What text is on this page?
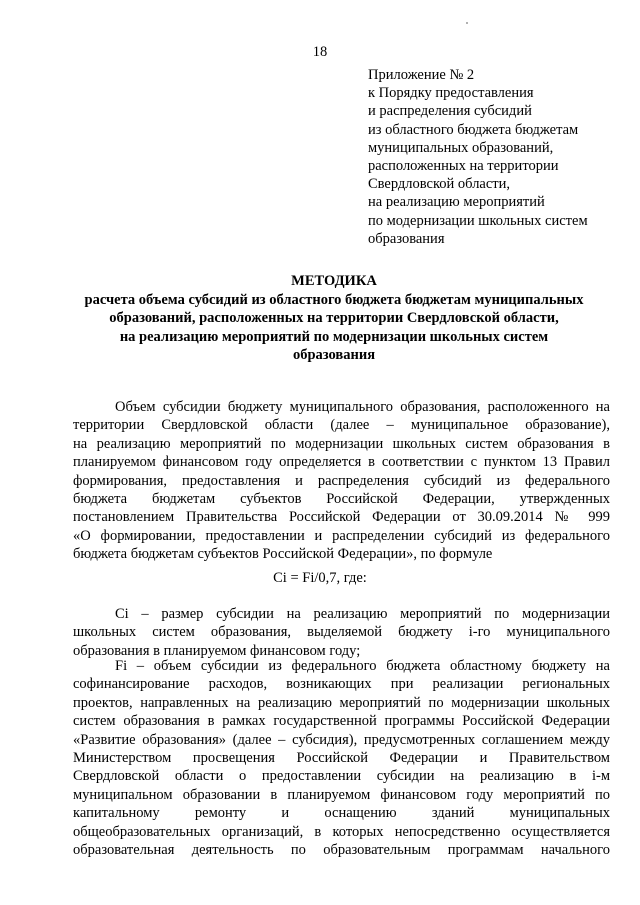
18
Приложение № 2
к Порядку предоставления
и распределения субсидий
из областного бюджета бюджетам
муниципальных образований,
расположенных на территории
Свердловской области,
на реализацию мероприятий
по модернизации школьных систем
образования
МЕТОДИКА
расчета объема субсидий из областного бюджета бюджетам муниципальных
образований, расположенных на территории Свердловской области,
на реализацию мероприятий по модернизации школьных систем
образования
Объем субсидии бюджету муниципального образования, расположенного на
территории Свердловской области (далее – муниципальное образование),
на реализацию мероприятий по модернизации школьных систем образования в
планируемом финансовом году определяется в соответствии с пунктом 13 Правил
формирования, предоставления и распределения субсидий из федерального
бюджета бюджетам субъектов Российской Федерации, утвержденных
постановлением Правительства Российской Федерации от 30.09.2014 № 999
«О формировании, предоставлении и распределении субсидий из федерального
бюджета бюджетам субъектов Российской Федерации», по формуле
Ci = Fi/0,7, где:
Ci – размер субсидии на реализацию мероприятий по модернизации
школьных систем образования, выделяемой бюджету i-го муниципального
образования в планируемом финансовом году;
Fi – объем субсидии из федерального бюджета областному бюджету на
софинансирование расходов, возникающих при реализации региональных
проектов, направленных на реализацию мероприятий по модернизации школьных
систем образования в рамках государственной программы Российской Федерации
«Развитие образования» (далее – субсидия), предусмотренных соглашением между
Министерством просвещения Российской Федерации и Правительством
Свердловской области о предоставлении субсидии на реализацию в i-м
муниципальном образовании в планируемом финансовом году мероприятий по
капитальному ремонту и оснащению зданий муниципальных
общеобразовательных организаций, в которых непосредственно осуществляется
образовательная деятельность по образовательным программам начального
